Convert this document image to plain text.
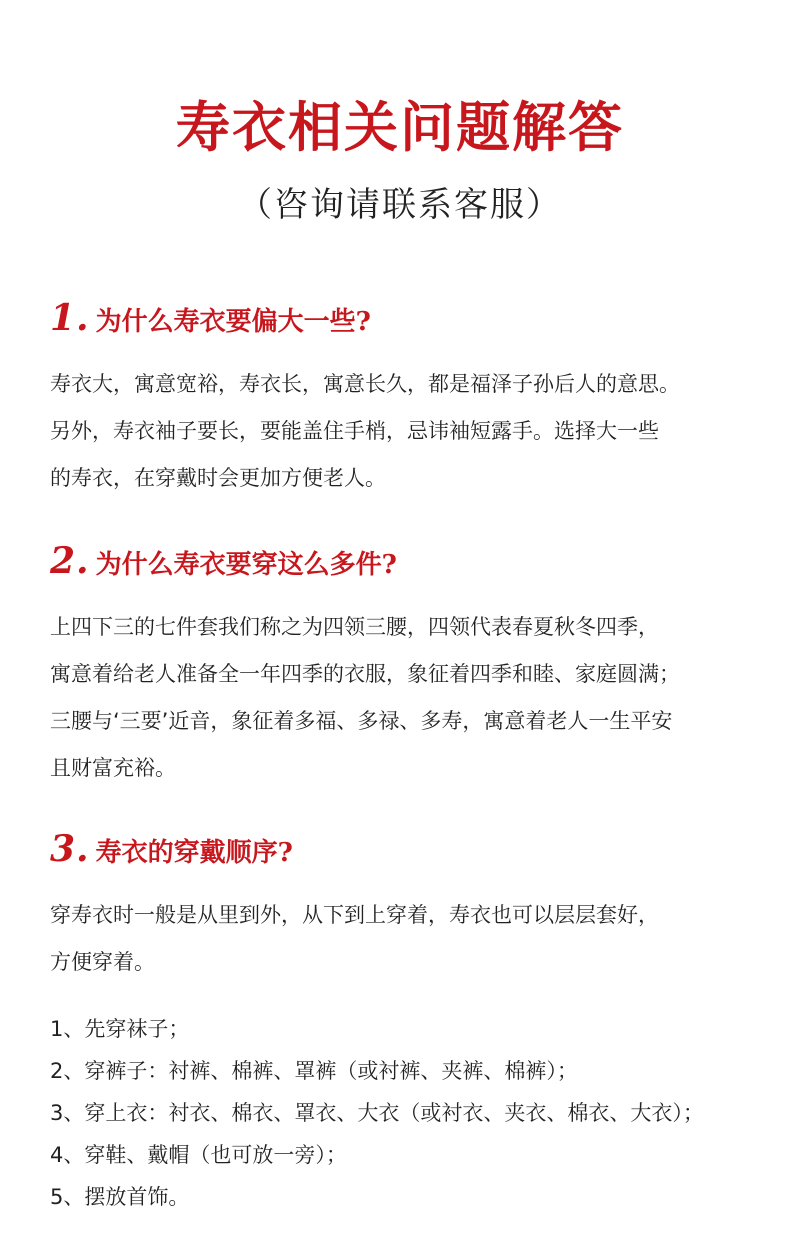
寿衣相关问题解答
（咨询请联系客服）
1. 为什么寿衣要偏大一些?

寿衣大，寓意宽裕，寿衣长，寓意长久，都是福泽子孙后人的意思。
另外，寿衣袖子要长，要能盖住手梢，忌讳袖短露手。选择大一些
的寿衣，在穿戴时会更加方便老人。

2. 为什么寿衣要穿这么多件?

上四下三的七件套我们称之为四领三腰，四领代表春夏秋冬四季，
寓意着给老人准备全一年四季的衣服，象征着四季和睦、家庭圆满；
三腰与‘三要’近音，象征着多福、多禄、多寿，寓意着老人一生平安
且财富充裕。

3. 寿衣的穿戴顺序?

穿寿衣时一般是从里到外，从下到上穿着，寿衣也可以层层套好，
方便穿着。

1、先穿袜子；
2、穿裤子：衬裤、棉裤、罩裤（或衬裤、夹裤、棉裤）；
3、穿上衣：衬衣、棉衣、罩衣、大衣（或衬衣、夹衣、棉衣、大衣）；
4、穿鞋、戴帽（也可放一旁）；
5、摆放首饰。
